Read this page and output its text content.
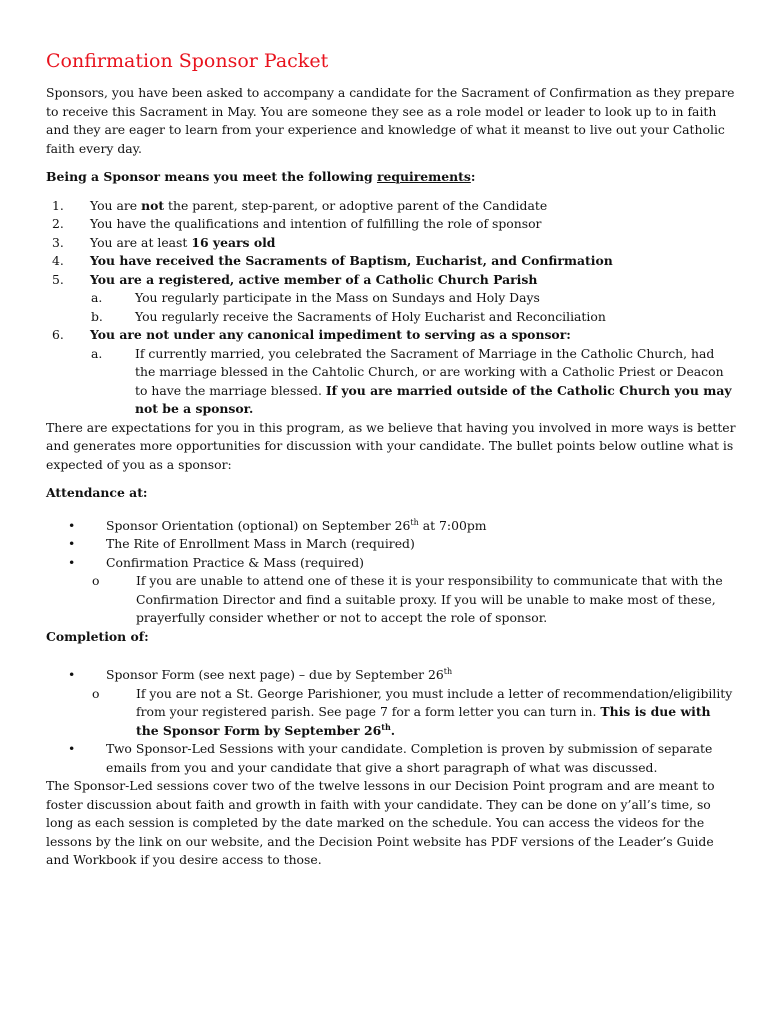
Confirmation Sponsor Packet

Sponsors, you have been asked to accompany a candidate for the Sacrament of Confirmation as they prepare to receive this Sacrament in May. You are someone they see as a role model or leader to look up to in faith and they are eager to learn from your experience and knowledge of what it meanst to live out your Catholic faith every day.

Being a Sponsor means you meet the following requirements:

1.	You are not the parent, step-parent, or adoptive parent of the Candidate
2.	You have the qualifications and intention of fulfilling the role of sponsor
3.	You are at least 16 years old
4.	You have received the Sacraments of Baptism, Eucharist, and Confirmation
5.	You are a registered, active member of a Catholic Church Parish
a.	You regularly participate in the Mass on Sundays and Holy Days
b.	You regularly receive the Sacraments of Holy Eucharist and Reconciliation
6.	You are not under any canonical impediment to serving as a sponsor:
a.	If currently married, you celebrated the Sacrament of Marriage in the Catholic Church, had the marriage blessed in the Cahtolic Church, or are working with a Catholic Priest or Deacon to have the marriage blessed. If you are married outside of the Catholic Church you may not be a sponsor.

There are expectations for you in this program, as we believe that having you involved in more ways is better and generates more opportunities for discussion with your candidate. The bullet points below outline what is expected of you as a sponsor:

Attendance at:

•	Sponsor Orientation (optional) on September 26th at 7:00pm
•	The Rite of Enrollment Mass in March (required)
•	Confirmation Practice & Mass (required)
o	If you are unable to attend one of these it is your responsibility to communicate that with the Confirmation Director and find a suitable proxy. If you will be unable to make most of these, prayerfully consider whether or not to accept the role of sponsor.

Completion of:

•	Sponsor Form (see next page) – due by September 26th
o	If you are not a St. George Parishioner, you must include a letter of recommendation/eligibility from your registered parish. See page 7 for a form letter you can turn in. This is due with the Sponsor Form by September 26th.
•	Two Sponsor-Led Sessions with your candidate. Completion is proven by submission of separate emails from you and your candidate that give a short paragraph of what was discussed.

The Sponsor-Led sessions cover two of the twelve lessons in our Decision Point program and are meant to foster discussion about faith and growth in faith with your candidate. They can be done on y’all’s time, so long as each session is completed by the date marked on the schedule. You can access the videos for the lessons by the link on our website, and the Decision Point website has PDF versions of the Leader’s Guide and Workbook if you desire access to those.
